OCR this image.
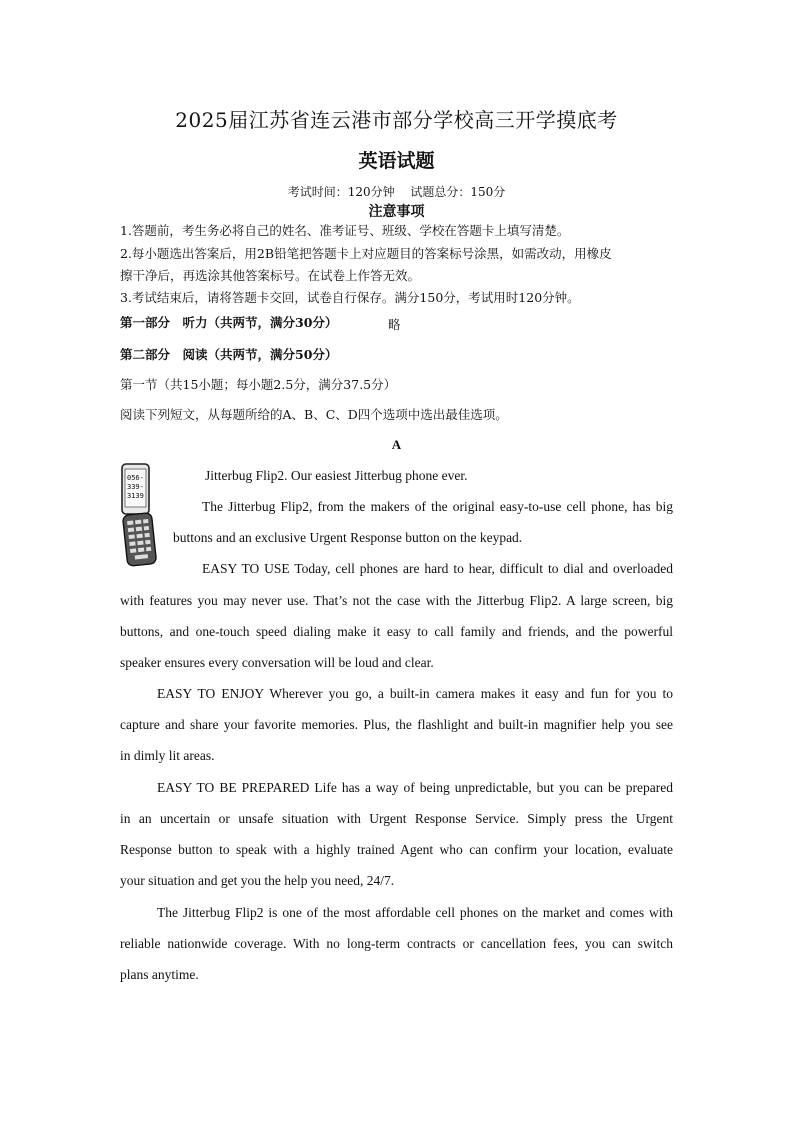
2025届江苏省连云港市部分学校高三开学摸底考
英语试题
考试时间：120分钟　 试题总分：150分
注意事项
1.答题前，考生务必将自己的姓名、准考证号、班级、学校在答题卡上填写清楚。
2.每小题选出答案后，用2B铅笔把答题卡上对应题目的答案标号涂黑，如需改动，用橡皮
擦干净后，再选涂其他答案标号。在试卷上作答无效。
3.考试结束后，请将答题卡交回，试卷自行保存。满分150分，考试用时120分钟。
第一部分　听力（共两节，满分30分）	略
第二部分　阅读（共两节，满分50分）
第一节（共15小题；每小题2.5分，满分37.5分）
阅读下列短文，从每题所给的A、B、C、D四个选项中选出最佳选项。
A
056-
339-
3139
Jitterbug Flip2. Our easiest Jitterbug phone ever.
The Jitterbug Flip2, from the makers of the original easy-to-use cell phone, has big
buttons and an exclusive Urgent Response button on the keypad.
EASY TO USE Today, cell phones are hard to hear, difficult to dial and overloaded
with features you may never use. That’s not the case with the Jitterbug Flip2. A large screen, big
buttons, and one-touch speed dialing make it easy to call family and friends, and the powerful
speaker ensures every conversation will be loud and clear.
EASY TO ENJOY Wherever you go, a built-in camera makes it easy and fun for you to
capture and share your favorite memories. Plus, the flashlight and built-in magnifier help you see
in dimly lit areas.
EASY TO BE PREPARED Life has a way of being unpredictable, but you can be prepared
in an uncertain or unsafe situation with Urgent Response Service. Simply press the Urgent
Response button to speak with a highly trained Agent who can confirm your location, evaluate
your situation and get you the help you need, 24/7.
The Jitterbug Flip2 is one of the most affordable cell phones on the market and comes with
reliable nationwide coverage. With no long-term contracts or cancellation fees, you can switch
plans anytime.
